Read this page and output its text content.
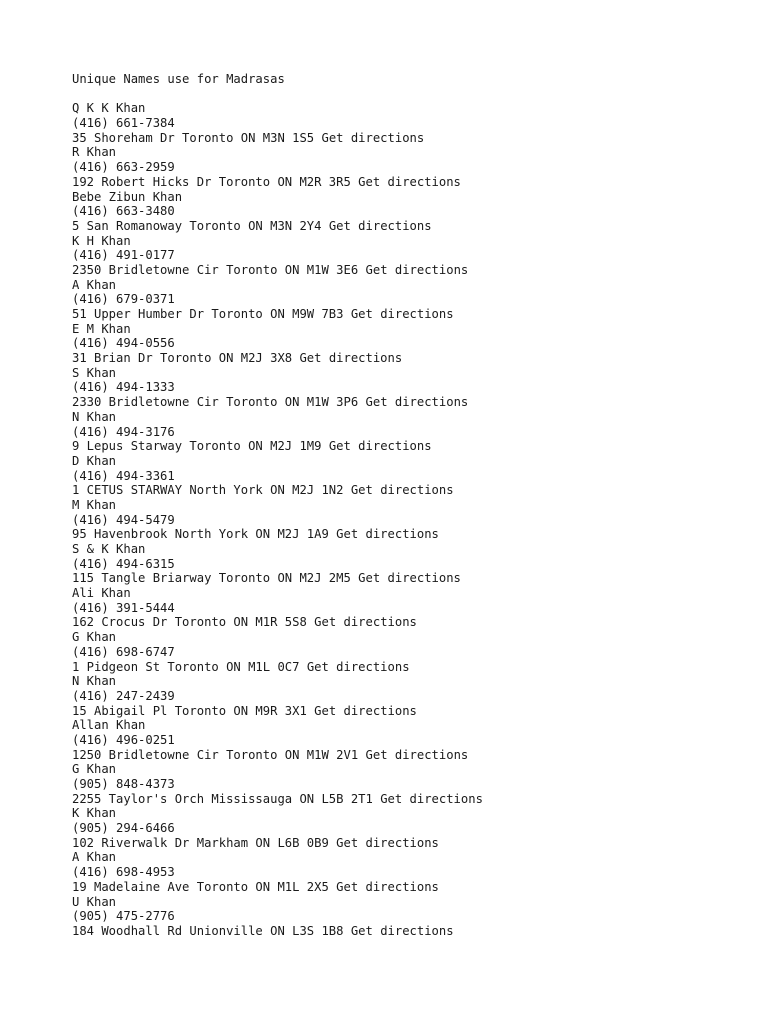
Unique Names use for Madrasas
Q K K Khan
(416) 661-7384
35 Shoreham Dr Toronto ON M3N 1S5 Get directions
R Khan
(416) 663-2959
192 Robert Hicks Dr Toronto ON M2R 3R5 Get directions
Bebe Zibun Khan
(416) 663-3480
5 San Romanoway Toronto ON M3N 2Y4 Get directions
K H Khan
(416) 491-0177
2350 Bridletowne Cir Toronto ON M1W 3E6 Get directions
A Khan
(416) 679-0371
51 Upper Humber Dr Toronto ON M9W 7B3 Get directions
E M Khan
(416) 494-0556
31 Brian Dr Toronto ON M2J 3X8 Get directions
S Khan
(416) 494-1333
2330 Bridletowne Cir Toronto ON M1W 3P6 Get directions
N Khan
(416) 494-3176
9 Lepus Starway Toronto ON M2J 1M9 Get directions
D Khan
(416) 494-3361
1 CETUS STARWAY North York ON M2J 1N2 Get directions
M Khan
(416) 494-5479
95 Havenbrook North York ON M2J 1A9 Get directions
S & K Khan
(416) 494-6315
115 Tangle Briarway Toronto ON M2J 2M5 Get directions
Ali Khan
(416) 391-5444
162 Crocus Dr Toronto ON M1R 5S8 Get directions
G Khan
(416) 698-6747
1 Pidgeon St Toronto ON M1L 0C7 Get directions
N Khan
(416) 247-2439
15 Abigail Pl Toronto ON M9R 3X1 Get directions
Allan Khan
(416) 496-0251
1250 Bridletowne Cir Toronto ON M1W 2V1 Get directions
G Khan
(905) 848-4373
2255 Taylor's Orch Mississauga ON L5B 2T1 Get directions
K Khan
(905) 294-6466
102 Riverwalk Dr Markham ON L6B 0B9 Get directions
A Khan
(416) 698-4953
19 Madelaine Ave Toronto ON M1L 2X5 Get directions
U Khan
(905) 475-2776
184 Woodhall Rd Unionville ON L3S 1B8 Get directions
